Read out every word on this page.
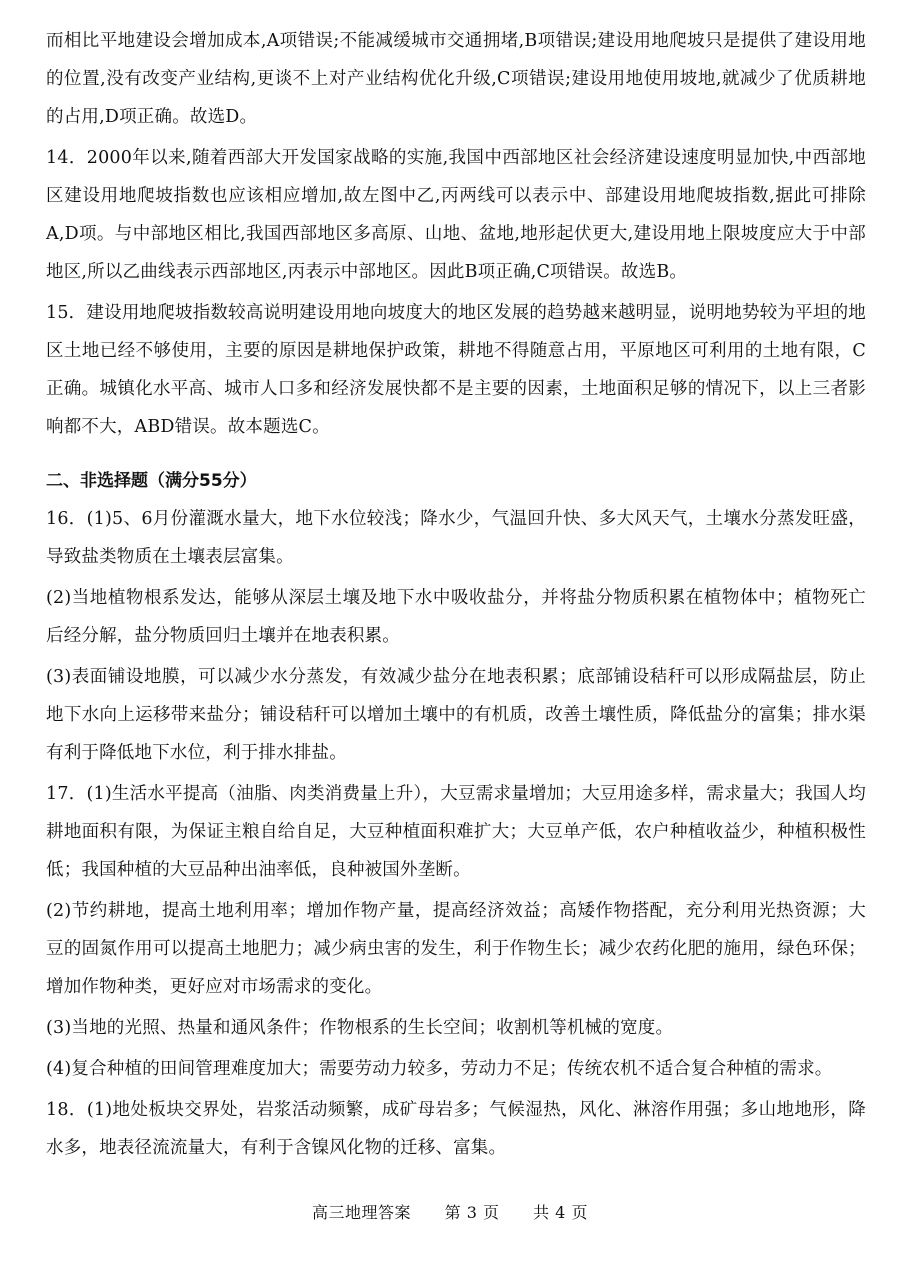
而相比平地建设会增加成本,A项错误;不能减缓城市交通拥堵,B项错误;建设用地爬坡只是提供了建设用地的位置,没有改变产业结构,更谈不上对产业结构优化升级,C项错误;建设用地使用坡地,就减少了优质耕地的占用,D项正确。故选D。

14．2000年以来,随着西部大开发国家战略的实施,我国中西部地区社会经济建设速度明显加快,中西部地区建设用地爬坡指数也应该相应增加,故左图中乙,丙两线可以表示中、部建设用地爬坡指数,据此可排除A,D项。与中部地区相比,我国西部地区多高原、山地、盆地,地形起伏更大,建设用地上限坡度应大于中部地区,所以乙曲线表示西部地区,丙表示中部地区。因此B项正确,C项错误。故选B。

15．建设用地爬坡指数较高说明建设用地向坡度大的地区发展的趋势越来越明显，说明地势较为平坦的地区土地已经不够使用，主要的原因是耕地保护政策，耕地不得随意占用，平原地区可利用的土地有限，C正确。城镇化水平高、城市人口多和经济发展快都不是主要的因素，土地面积足够的情况下，以上三者影响都不大，ABD错误。故本题选C。

二、非选择题（满分55分）

16．(1)5、6月份灌溉水量大，地下水位较浅；降水少，气温回升快、多大风天气，土壤水分蒸发旺盛，导致盐类物质在土壤表层富集。

(2)当地植物根系发达，能够从深层土壤及地下水中吸收盐分，并将盐分物质积累在植物体中；植物死亡后经分解，盐分物质回归土壤并在地表积累。

(3)表面铺设地膜，可以减少水分蒸发，有效减少盐分在地表积累；底部铺设秸秆可以形成隔盐层，防止地下水向上运移带来盐分；铺设秸秆可以增加土壤中的有机质，改善土壤性质，降低盐分的富集；排水渠有利于降低地下水位，利于排水排盐。

17．(1)生活水平提高（油脂、肉类消费量上升），大豆需求量增加；大豆用途多样，需求量大；我国人均耕地面积有限，为保证主粮自给自足，大豆种植面积难扩大；大豆单产低，农户种植收益少，种植积极性低；我国种植的大豆品种出油率低，良种被国外垄断。

(2)节约耕地，提高土地利用率；增加作物产量，提高经济效益；高矮作物搭配，充分利用光热资源；大豆的固氮作用可以提高土地肥力；减少病虫害的发生，利于作物生长；减少农药化肥的施用，绿色环保；增加作物种类，更好应对市场需求的变化。

(3)当地的光照、热量和通风条件；作物根系的生长空间；收割机等机械的宽度。

(4)复合种植的田间管理难度加大；需要劳动力较多，劳动力不足；传统农机不适合复合种植的需求。

18．(1)地处板块交界处，岩浆活动频繁，成矿母岩多；气候湿热，风化、淋溶作用强；多山地地形，降水多，地表径流流量大，有利于含镍风化物的迁移、富集。

高三地理答案 第 3 页 共 4 页
